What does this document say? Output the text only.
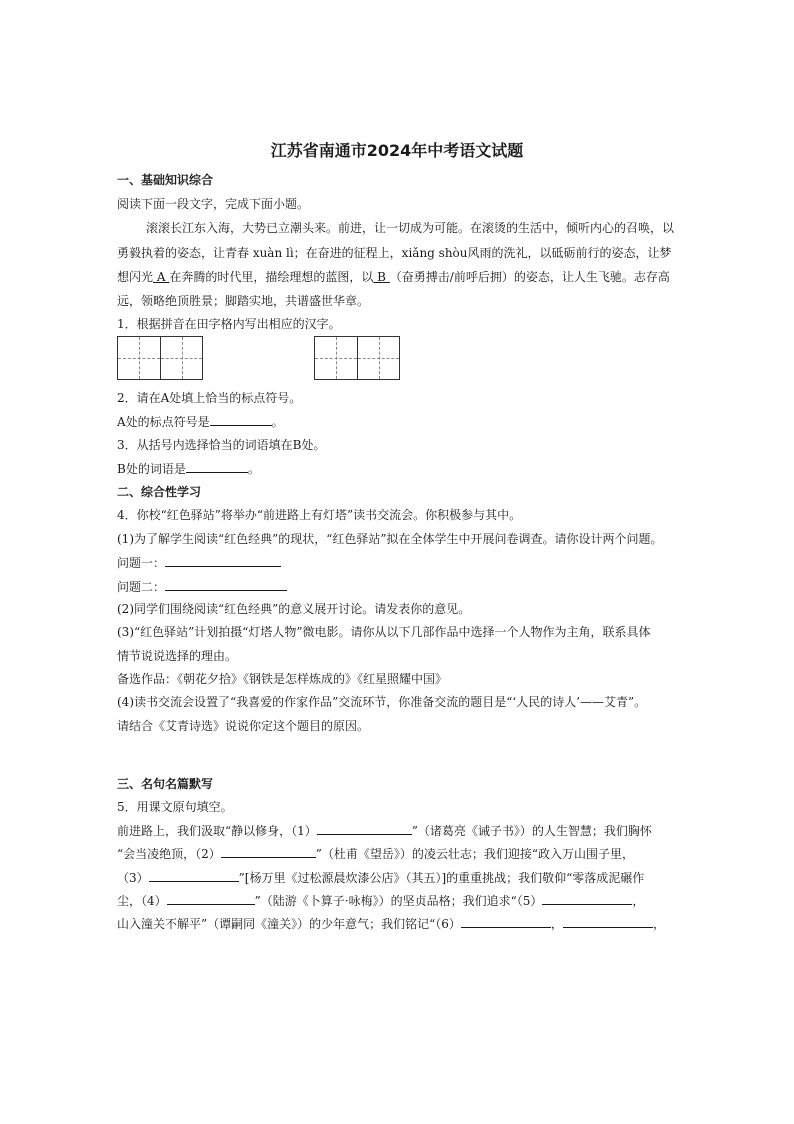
江苏省南通市2024年中考语文试题
一、基础知识综合
阅读下面一段文字，完成下面小题。
滚滚长江东入海，大势已立潮头来。前进，让一切成为可能。在滚烫的生活中，倾听内心的召唤，以
勇毅执着的姿态，让青春 xuàn lì；在奋进的征程上，xiǎng shòu风雨的洗礼，以砥砺前行的姿态，让梦
想闪光 A 在奔腾的时代里，描绘理想的蓝图，以 B （奋勇搏击/前呼后拥）的姿态，让人生飞驰。志存高
远，领略绝顶胜景；脚踏实地，共谱盛世华章。
1．根据拼音在田字格内写出相应的汉字。
2．请在A处填上恰当的标点符号。
A处的标点符号是	。
3．从括号内选择恰当的词语填在B处。
B处的词语是	。
二、综合性学习
4．你校“红色驿站”将举办“前进路上有灯塔”读书交流会。你积极参与其中。
(1)为了解学生阅读“红色经典”的现状，“红色驿站”拟在全体学生中开展问卷调查。请你设计两个问题。
问题一：
问题二：
(2)同学们围绕阅读“红色经典”的意义展开讨论。请发表你的意见。
(3)“红色驿站”计划拍摄“灯塔人物”微电影。请你从以下几部作品中选择一个人物作为主角，联系具体
情节说说选择的理由。
备选作品：《朝花夕拾》《钢铁是怎样炼成的》《红星照耀中国》
(4)读书交流会设置了“我喜爱的作家作品”交流环节，你准备交流的题目是“‘人民的诗人’——艾青”。
请结合《艾青诗选》说说你定这个题目的原因。
三、名句名篇默写
5．用课文原句填空。
前进路上，我们汲取“静以修身，（1）	”（诸葛亮《诫子书》）的人生智慧；我们胸怀
“会当凌绝顶，（2）	”（杜甫《望岳》）的凌云壮志；我们迎接“政入万山围子里，
（3）	”[杨万里《过松源晨炊漆公店》（其五）]的重重挑战；我们敬仰“零落成泥碾作
尘，（4）	”（陆游《卜算子·咏梅》）的坚贞品格；我们追求“（5）	，
山入潼关不解平”（谭嗣同《潼关》）的少年意气；我们铭记“（6）	，	，
